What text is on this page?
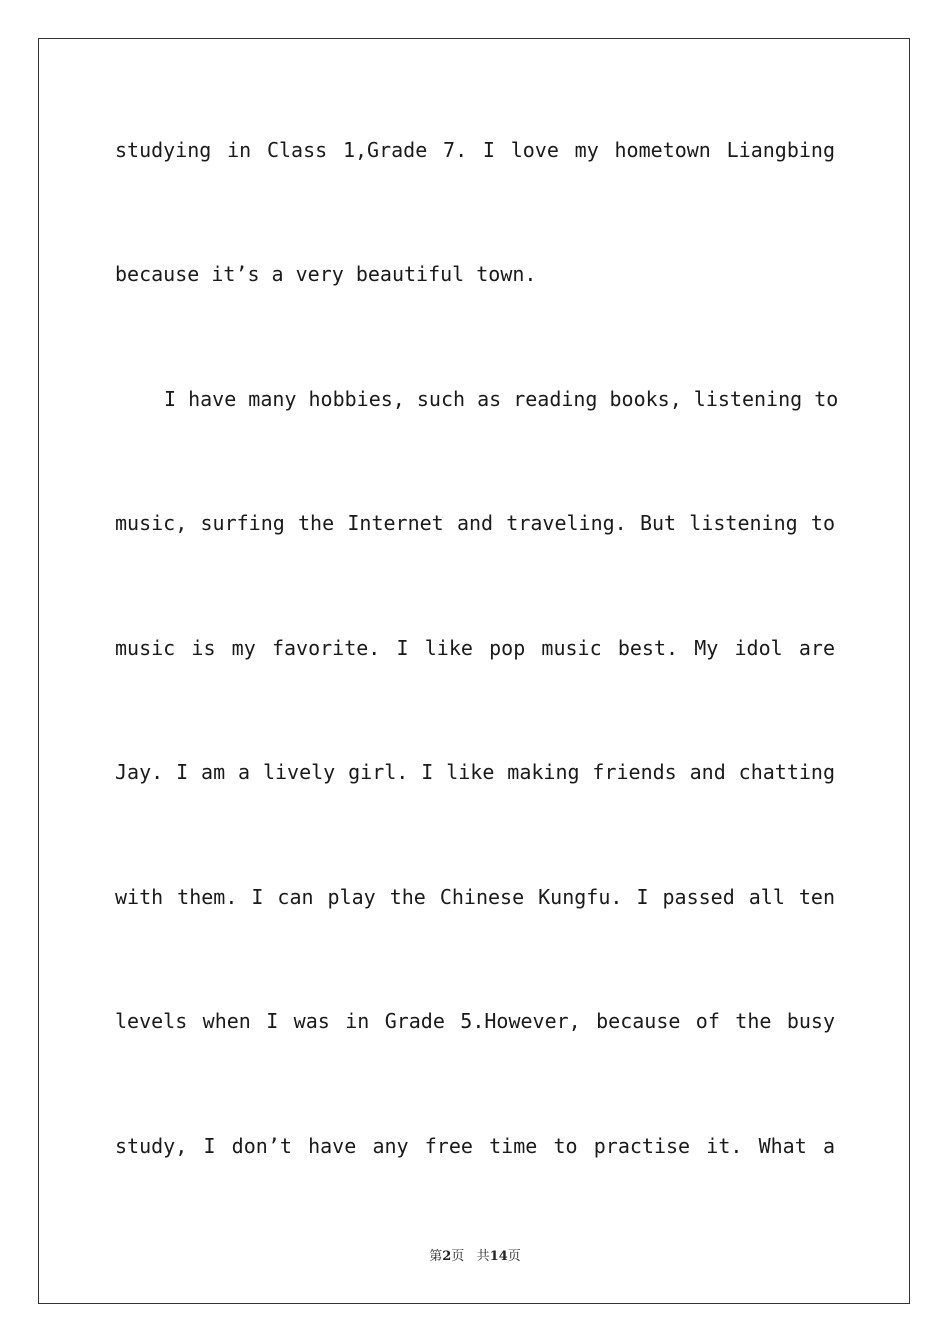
studying in Class 1,Grade 7. I love my hometown Liangbing
because it’s a very beautiful town.
I have many hobbies, such as reading books, listening to
music, surfing the Internet and traveling. But listening to
music is my favorite. I like pop music best. My idol are
Jay. I am a lively girl. I like making friends and chatting
with them. I can play the Chinese Kungfu. I passed all ten
levels when I was in Grade 5.However, because of the busy
study, I don’t have any free time to practise it. What a
第2页 共14页
